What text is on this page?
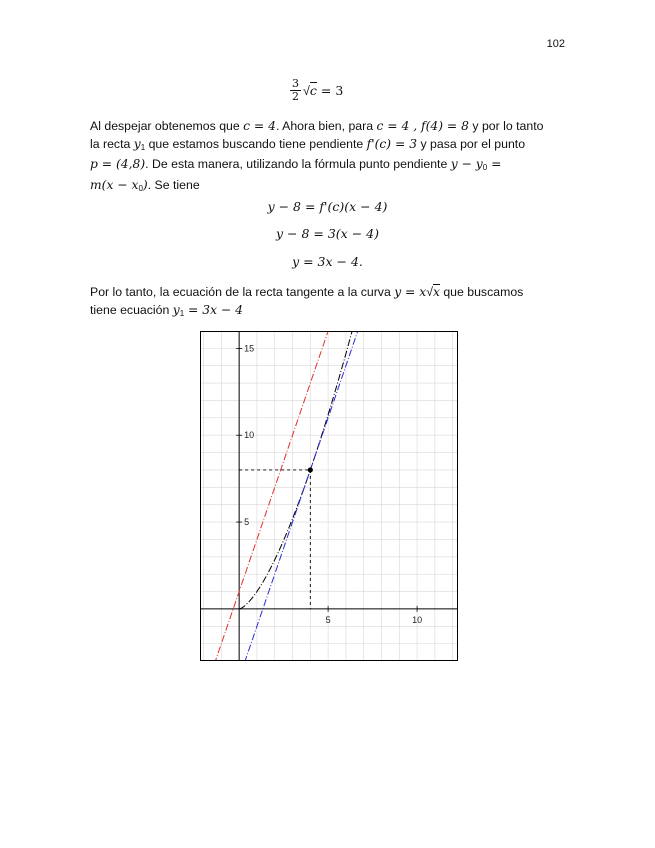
102
$\frac{3}{2} √c = 3$
Al despejar obtenemos que c = 4. Ahora bien, para c = 4 , f(4) = 8 y por lo tanto
la recta $y_1$ que estamos buscando tiene pendiente f'(c) = 3 y pasa por el punto
p = (4,8). De esta manera, utilizando la fórmula punto pendiente $y - y_0$ =
$m(x - x_0)$. Se tiene
y − 8 = f'(c)(x − 4)
y − 8 = 3(x − 4)
y = 3x − 4.
Por lo tanto, la ecuación de la recta tangente a la curva y = x√x que buscamos
tiene ecuación $y_1 = 3x - 4$
5	10
5
10
15
